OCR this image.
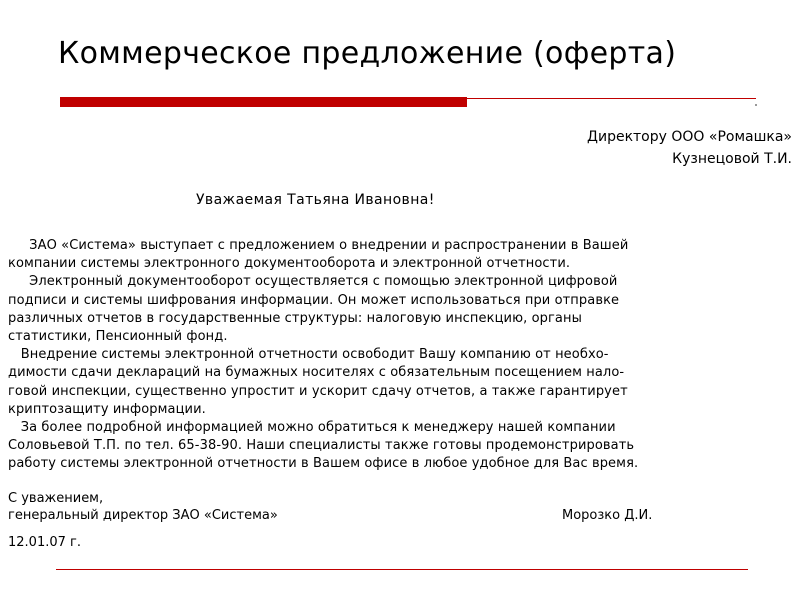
Коммерческое предложение (оферта)
Директору ООО «Ромашка»
Кузнецовой Т.И.
Уважаемая Татьяна Ивановна!
ЗАО «Система» выступает с предложением о внедрении и распространении в Вашей
компании системы электронного документооборота и электронной отчетности.
Электронный документооборот осуществляется с помощью электронной цифровой
подписи и системы шифрования информации. Он может использоваться при отправке
различных отчетов в государственные структуры: налоговую инспекцию, органы
статистики, Пенсионный фонд.
Внедрение системы электронной отчетности освободит Вашу компанию от необхо-
димости сдачи деклараций на бумажных носителях с обязательным посещением нало-
говой инспекции, существенно упростит и ускорит сдачу отчетов, а также гарантирует
криптозащиту информации.
За более подробной информацией можно обратиться к менеджеру нашей компании
Соловьевой Т.П. по тел. 65-38-90. Наши специалисты также готовы продемонстрировать
работу системы электронной отчетности в Вашем офисе в любое удобное для Вас время.
С уважением,
генеральный директор ЗАО «Система»	Морозко Д.И.
12.01.07 г.
